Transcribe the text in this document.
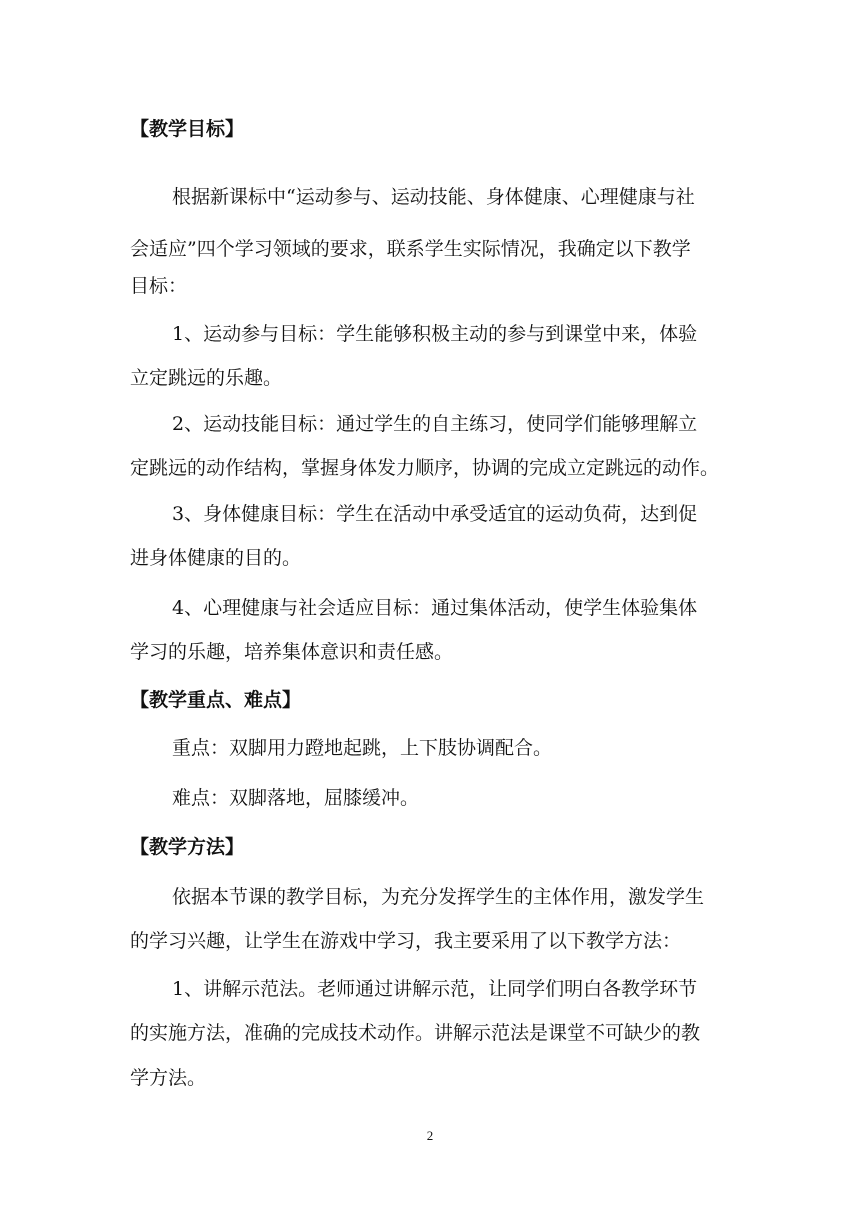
【教学目标】
根据新课标中“运动参与、运动技能、身体健康、心理健康与社
会适应”四个学习领域的要求，联系学生实际情况，我确定以下教学
目标：
1、运动参与目标：学生能够积极主动的参与到课堂中来，体验
立定跳远的乐趣。
2、运动技能目标：通过学生的自主练习，使同学们能够理解立
定跳远的动作结构，掌握身体发力顺序，协调的完成立定跳远的动作。
3、身体健康目标：学生在活动中承受适宜的运动负荷，达到促
进身体健康的目的。
4、心理健康与社会适应目标：通过集体活动，使学生体验集体
学习的乐趣，培养集体意识和责任感。
【教学重点、难点】
重点：双脚用力蹬地起跳，上下肢协调配合。
难点：双脚落地，屈膝缓冲。
【教学方法】
依据本节课的教学目标，为充分发挥学生的主体作用，激发学生
的学习兴趣，让学生在游戏中学习，我主要采用了以下教学方法：
1、讲解示范法。老师通过讲解示范，让同学们明白各教学环节
的实施方法，准确的完成技术动作。讲解示范法是课堂不可缺少的教
学方法。
2
